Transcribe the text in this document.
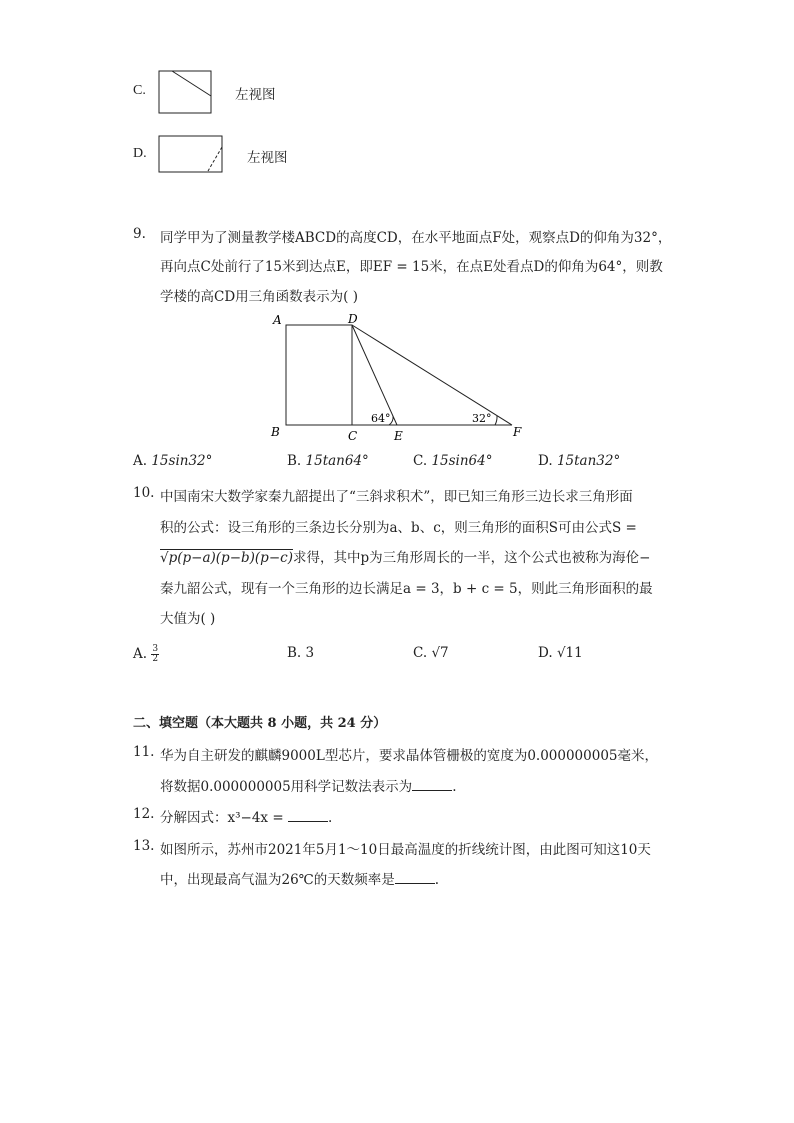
C.	左视图
D.	左视图
9. 同学甲为了测量教学楼ABCD的高度CD，在水平地面点F处，观察点D的仰角为32°，
再向点C处前行了15米到达点E，即EF = 15米，在点E处看点D的仰角为64°，则教
学楼的高CD用三角函数表示为( )
A	D
B	C	E	F
64°	32°
A. 15sin32°	B. 15tan64°	C. 15sin64°	D. 15tan32°
10. 中国南宋大数学家秦九韶提出了“三斜求积术”，即已知三角形三边长求三角形面
积的公式：设三角形的三条边长分别为a、b、c，则三角形的面积S可由公式S =
√p(p−a)(p−b)(p−c)求得，其中p为三角形周长的一半，这个公式也被称为海伦−
秦九韶公式，现有一个三角形的边长满足a = 3，b + c = 5，则此三角形面积的最
大值为( )
A. $\frac{3}{2}$	B. 3	C. √7	D. √11
二、填空题（本大题共 8 小题，共 24 分）
11. 华为自主研发的麒麟9000L型芯片，要求晶体管栅极的宽度为0.000000005毫米，
将数据0.000000005用科学记数法表示为	.
12. 分解因式：x³−4x =	.
13. 如图所示，苏州市2021年5月1～10日最高温度的折线统计图，由此图可知这10天
中，出现最高气温为26℃的天数频率是	.
